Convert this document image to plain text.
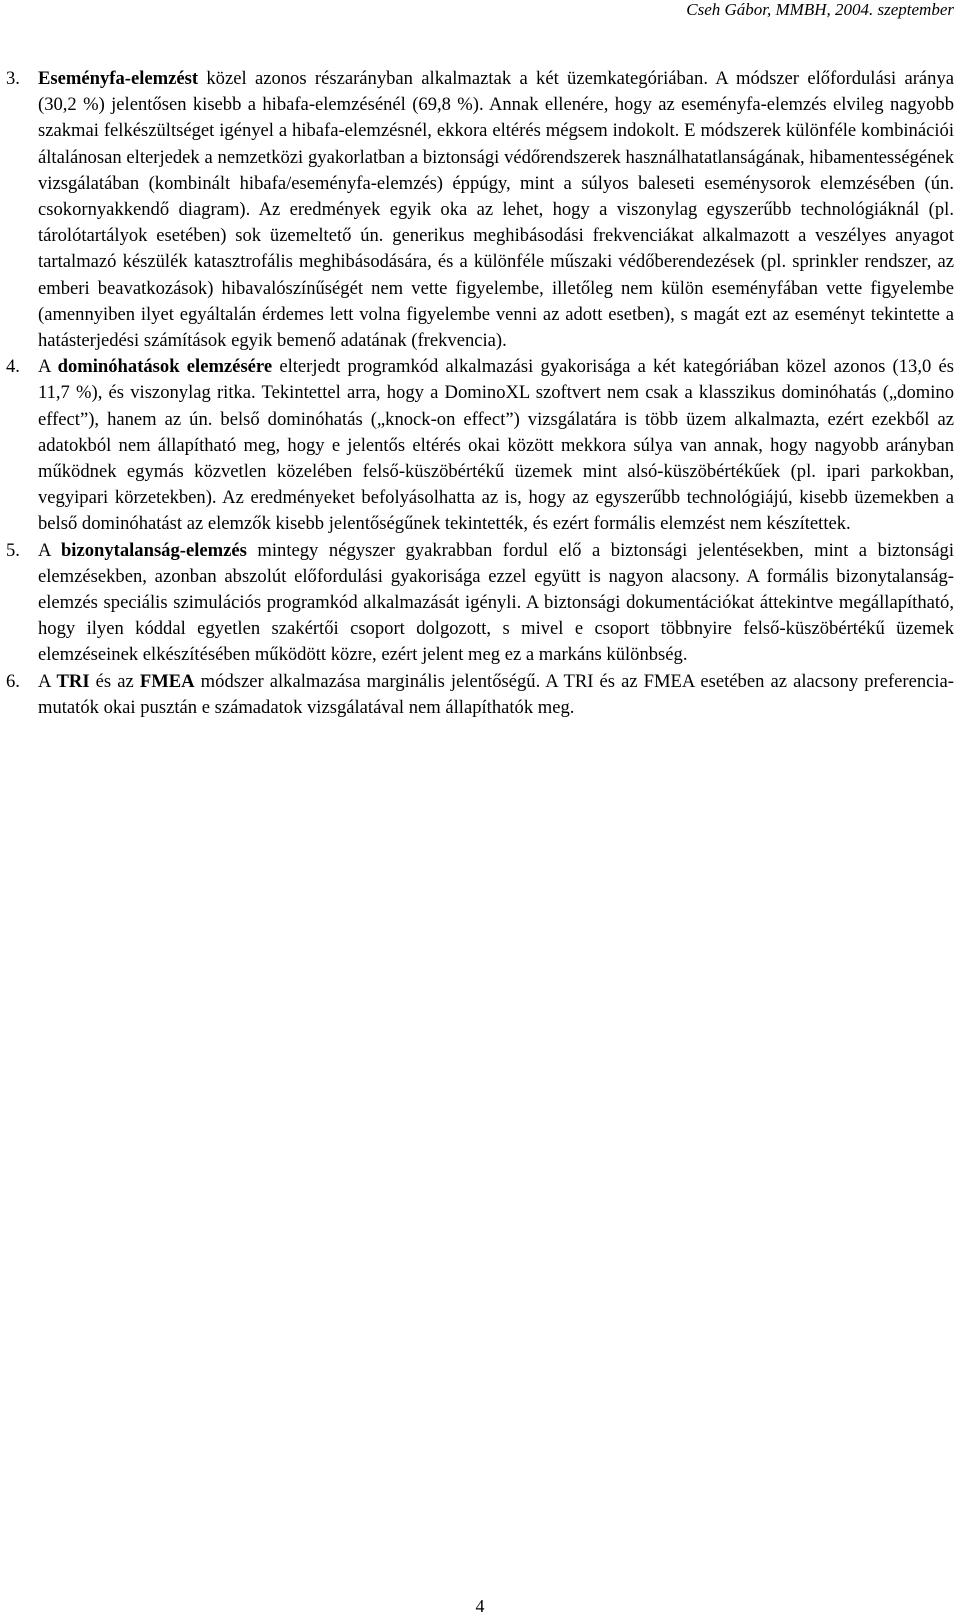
Cseh Gábor, MMBH, 2004. szeptember
3. Eseményfa-elemzést közel azonos részarányban alkalmaztak a két üzemkategóriában. A módszer előfordulási aránya (30,2 %) jelentősen kisebb a hibafa-elemzésénél (69,8 %). Annak ellenére, hogy az eseményfa-elemzés elvileg nagyobb szakmai felkészültséget igényel a hibafa-elemzésnél, ekkora eltérés mégsem indokolt. E módszerek különféle kombinációi általánosan elterjedek a nemzetközi gyakorlatban a biztonsági védőrendszerek használhatatlanságának, hibamentességének vizsgálatában (kombinált hibafa/eseményfa-elemzés) éppúgy, mint a súlyos baleseti eseménysorok elemzésében (ún. csokornyakkendő diagram). Az eredmények egyik oka az lehet, hogy a viszonylag egyszerűbb technológiáknál (pl. tárolótartályok esetében) sok üzemeltető ún. generikus meghibásodási frekvenciákat alkalmazott a veszélyes anyagot tartalmazó készülék katasztrofális meghibásodására, és a különféle műszaki védőberendezések (pl. sprinkler rendszer, az emberi beavatkozások) hibavalószínűségét nem vette figyelembe, illetőleg nem külön eseményfában vette figyelembe (amennyiben ilyet egyáltalán érdemes lett volna figyelembe venni az adott esetben), s magát ezt az eseményt tekintette a hatásterjedési számítások egyik bemenő adatának (frekvencia).
4. A dominóhatások elemzésére elterjedt programkód alkalmazási gyakorisága a két kategóriában közel azonos (13,0 és 11,7 %), és viszonylag ritka. Tekintettel arra, hogy a DominoXL szoftvert nem csak a klasszikus dominóhatás („domino effect”), hanem az ún. belső dominóhatás („knock-on effect”) vizsgálatára is több üzem alkalmazta, ezért ezekből az adatokból nem állapítható meg, hogy e jelentős eltérés okai között mekkora súlya van annak, hogy nagyobb arányban működnek egymás közvetlen közelében felső-küszöbértékű üzemek mint alsó-küszöbértékűek (pl. ipari parkokban, vegyipari körzetekben). Az eredményeket befolyásolhatta az is, hogy az egyszerűbb technológiájú, kisebb üzemekben a belső dominóhatást az elemzők kisebb jelentőségűnek tekintették, és ezért formális elemzést nem készítettek.
5. A bizonytalanság-elemzés mintegy négyszer gyakrabban fordul elő a biztonsági jelentésekben, mint a biztonsági elemzésekben, azonban abszolút előfordulási gyakorisága ezzel együtt is nagyon alacsony. A formális bizonytalanság-elemzés speciális szimulációs programkód alkalmazását igényli. A biztonsági dokumentációkat áttekintve megállapítható, hogy ilyen kóddal egyetlen szakértői csoport dolgozott, s mivel e csoport többnyire felső-küszöbértékű üzemek elemzéseinek elkészítésében működött közre, ezért jelent meg ez a markáns különbség.
6. A TRI és az FMEA módszer alkalmazása marginális jelentőségű. A TRI és az FMEA esetében az alacsony preferencia-mutatók okai pusztán e számadatok vizsgálatával nem állapíthatók meg.
4
